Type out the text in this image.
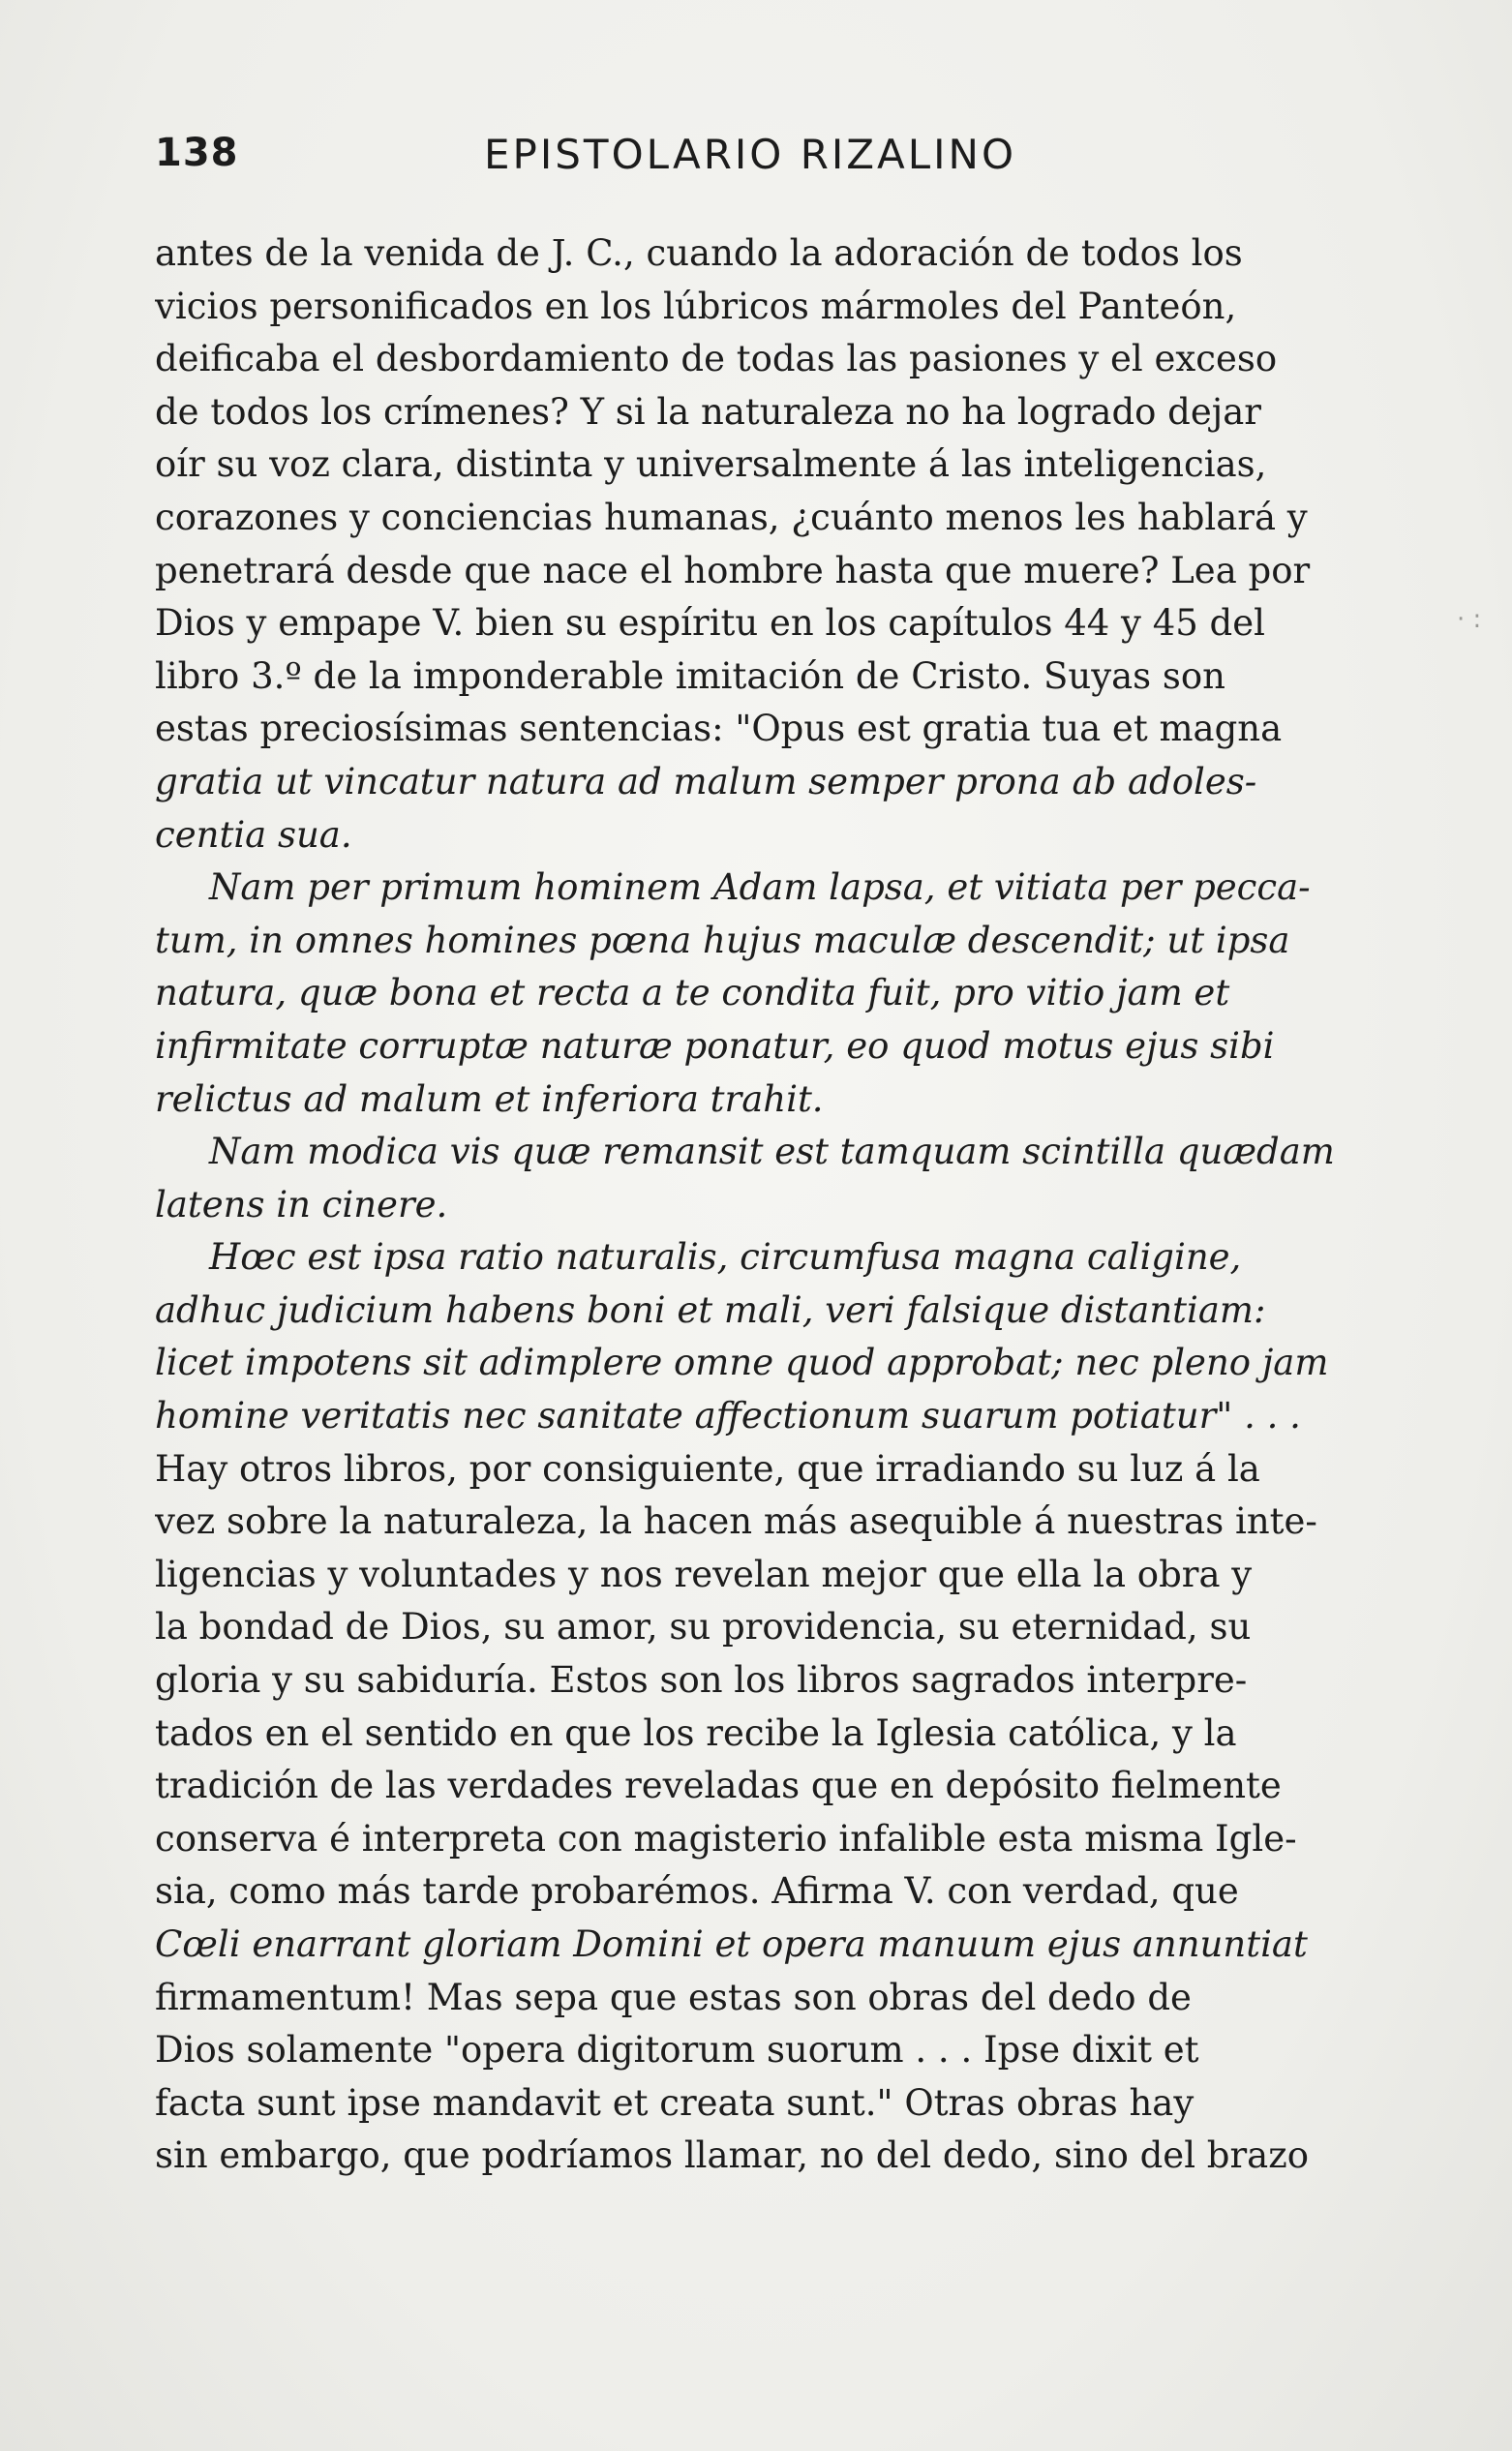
138	EPISTOLARIO RIZALINO
· :
antes de la venida de J. C., cuando la adoración de todos los
vicios personificados en los lúbricos mármoles del Panteón,
deificaba el desbordamiento de todas las pasiones y el exceso
de todos los crímenes? Y si la naturaleza no ha logrado dejar
oír su voz clara, distinta y universalmente á las inteligencias,
corazones y conciencias humanas, ¿cuánto menos les hablará y
penetrará desde que nace el hombre hasta que muere? Lea por
Dios y empape V. bien su espíritu en los capítulos 44 y 45 del
libro 3.º de la imponderable imitación de Cristo. Suyas son
estas preciosísimas sentencias: "Opus est gratia tua et magna
gratia ut vincatur natura ad malum semper prona ab adoles-
centia sua.
Nam per primum hominem Adam lapsa, et vitiata per pecca-
tum, in omnes homines pœna hujus maculæ descendit; ut ipsa
natura, quæ bona et recta a te condita fuit, pro vitio jam et
infirmitate corruptæ naturæ ponatur, eo quod motus ejus sibi
relictus ad malum et inferiora trahit.
Nam modica vis quæ remansit est tamquam scintilla quædam
latens in cinere.
Hœc est ipsa ratio naturalis, circumfusa magna caligine,
adhuc judicium habens boni et mali, veri falsique distantiam:
licet impotens sit adimplere omne quod approbat; nec pleno jam
homine veritatis nec sanitate affectionum suarum potiatur" . . .
Hay otros libros, por consiguiente, que irradiando su luz á la
vez sobre la naturaleza, la hacen más asequible á nuestras inte-
ligencias y voluntades y nos revelan mejor que ella la obra y
la bondad de Dios, su amor, su providencia, su eternidad, su
gloria y su sabiduría. Estos son los libros sagrados interpre-
tados en el sentido en que los recibe la Iglesia católica, y la
tradición de las verdades reveladas que en depósito fielmente
conserva é interpreta con magisterio infalible esta misma Igle-
sia, como más tarde probarémos. Afirma V. con verdad, que
Cœli enarrant gloriam Domini et opera manuum ejus annuntiat
firmamentum! Mas sepa que estas son obras del dedo de
Dios solamente "opera digitorum suorum . . . Ipse dixit et
facta sunt ipse mandavit et creata sunt." Otras obras hay
sin embargo, que podríamos llamar, no del dedo, sino del brazo
